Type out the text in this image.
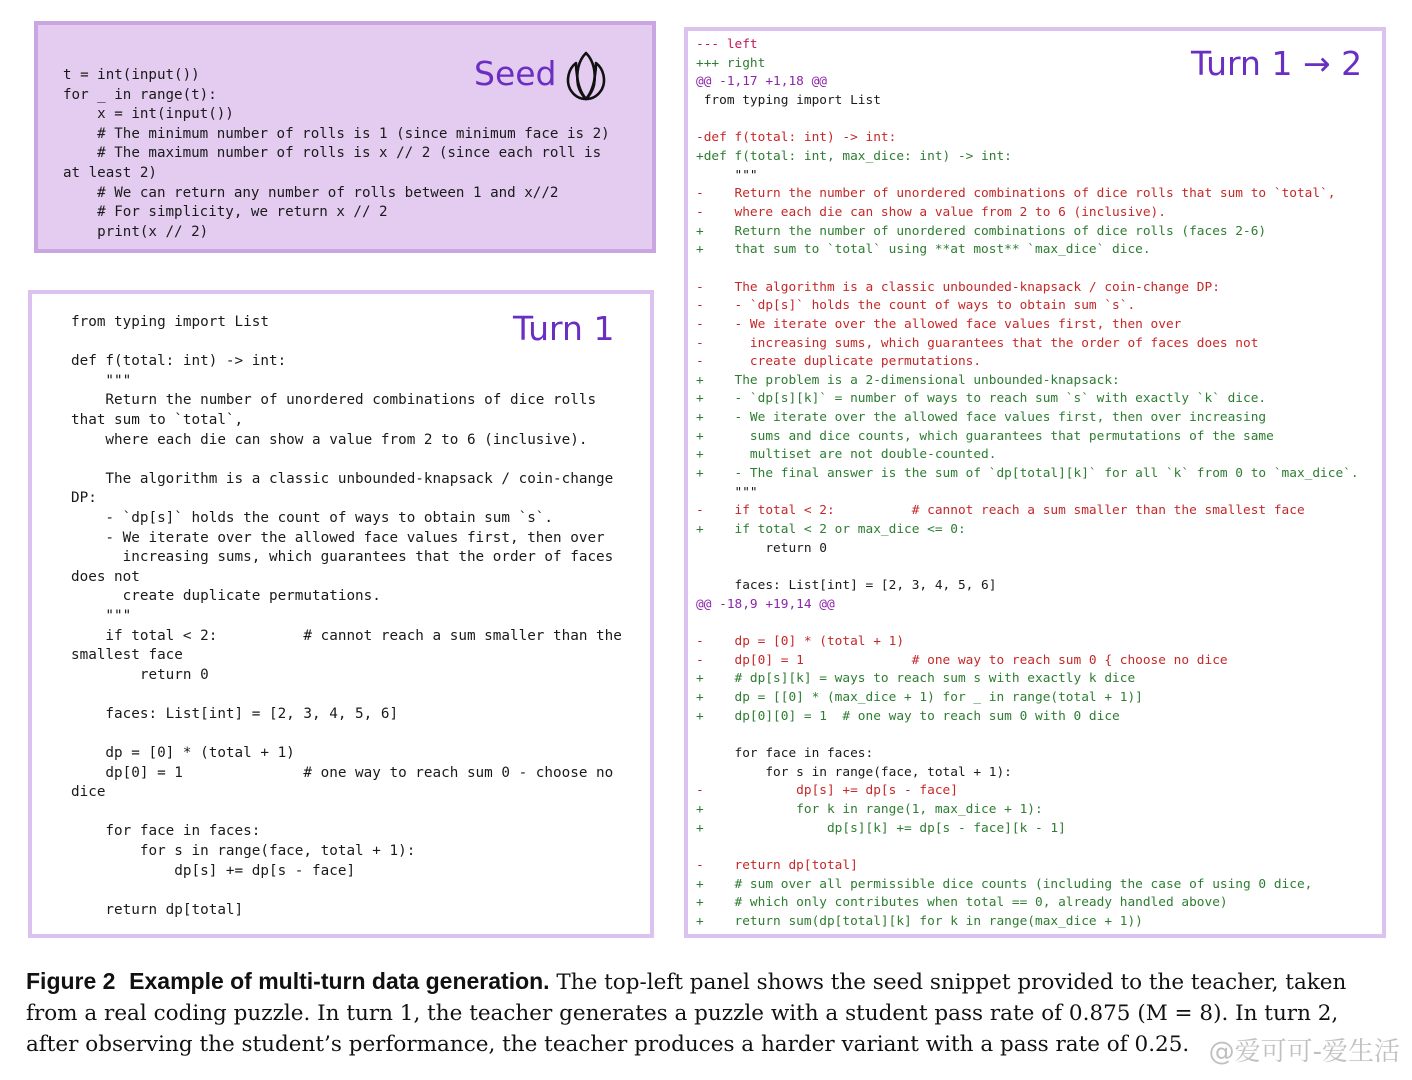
Seed
t = int(input())
for _ in range(t):
x = int(input())
# The minimum number of rolls is 1 (since minimum face is 2)
# The maximum number of rolls is x // 2 (since each roll is
at least 2)
# We can return any number of rolls between 1 and x//2
# For simplicity, we return x // 2
print(x // 2)
Turn 1
from typing import List

def f(total: int) -> int:
"""
Return the number of unordered combinations of dice rolls
that sum to `total`,
where each die can show a value from 2 to 6 (inclusive).

The algorithm is a classic unbounded-knapsack / coin-change
DP:
- `dp[s]` holds the count of ways to obtain sum `s`.
- We iterate over the allowed face values first, then over
increasing sums, which guarantees that the order of faces
does not
create duplicate permutations.
"""
if total < 2:          # cannot reach a sum smaller than the
smallest face
return 0

faces: List[int] = [2, 3, 4, 5, 6]

dp = [0] * (total + 1)
dp[0] = 1              # one way to reach sum 0 - choose no
dice

for face in faces:
for s in range(face, total + 1):
dp[s] += dp[s - face]

return dp[total]
Turn 1 → 2
--- left
+++ right
@@ -1,17 +1,18 @@
from typing import List
-def f(total: int) -> int:
+def f(total: int, max_dice: int) -> int:
"""
-    Return the number of unordered combinations of dice rolls that sum to `total`,
-    where each die can show a value from 2 to 6 (inclusive).
+    Return the number of unordered combinations of dice rolls (faces 2-6)
+    that sum to `total` using **at most** `max_dice` dice.
-    The algorithm is a classic unbounded-knapsack / coin-change DP:
-    - `dp[s]` holds the count of ways to obtain sum `s`.
-    - We iterate over the allowed face values first, then over
-      increasing sums, which guarantees that the order of faces does not
-      create duplicate permutations.
+    The problem is a 2-dimensional unbounded-knapsack:
+    - `dp[s][k]` = number of ways to reach sum `s` with exactly `k` dice.
+    - We iterate over the allowed face values first, then over increasing
+      sums and dice counts, which guarantees that permutations of the same
+      multiset are not double-counted.
+    - The final answer is the sum of `dp[total][k]` for all `k` from 0 to `max_dice`.
"""
-    if total < 2:          # cannot reach a sum smaller than the smallest face
+    if total < 2 or max_dice <= 0:
return 0
faces: List[int] = [2, 3, 4, 5, 6]
@@ -18,9 +19,14 @@
-    dp = [0] * (total + 1)
-    dp[0] = 1              # one way to reach sum 0 { choose no dice
+    # dp[s][k] = ways to reach sum s with exactly k dice
+    dp = [[0] * (max_dice + 1) for _ in range(total + 1)]
+    dp[0][0] = 1  # one way to reach sum 0 with 0 dice
for face in faces:
for s in range(face, total + 1):
-            dp[s] += dp[s - face]
+            for k in range(1, max_dice + 1):
+                dp[s][k] += dp[s - face][k - 1]
-    return dp[total]
+    # sum over all permissible dice counts (including the case of using 0 dice,
+    # which only contributes when total == 0, already handled above)
+    return sum(dp[total][k] for k in range(max_dice + 1))
Figure 2 Example of multi-turn data generation. The top-left panel shows the seed snippet provided to the teacher, taken from a real coding puzzle. In turn 1, the teacher generates a puzzle with a student pass rate of 0.875 (M = 8). In turn 2, after observing the student’s performance, the teacher produces a harder variant with a pass rate of 0.25. @爱可可-爱生活
